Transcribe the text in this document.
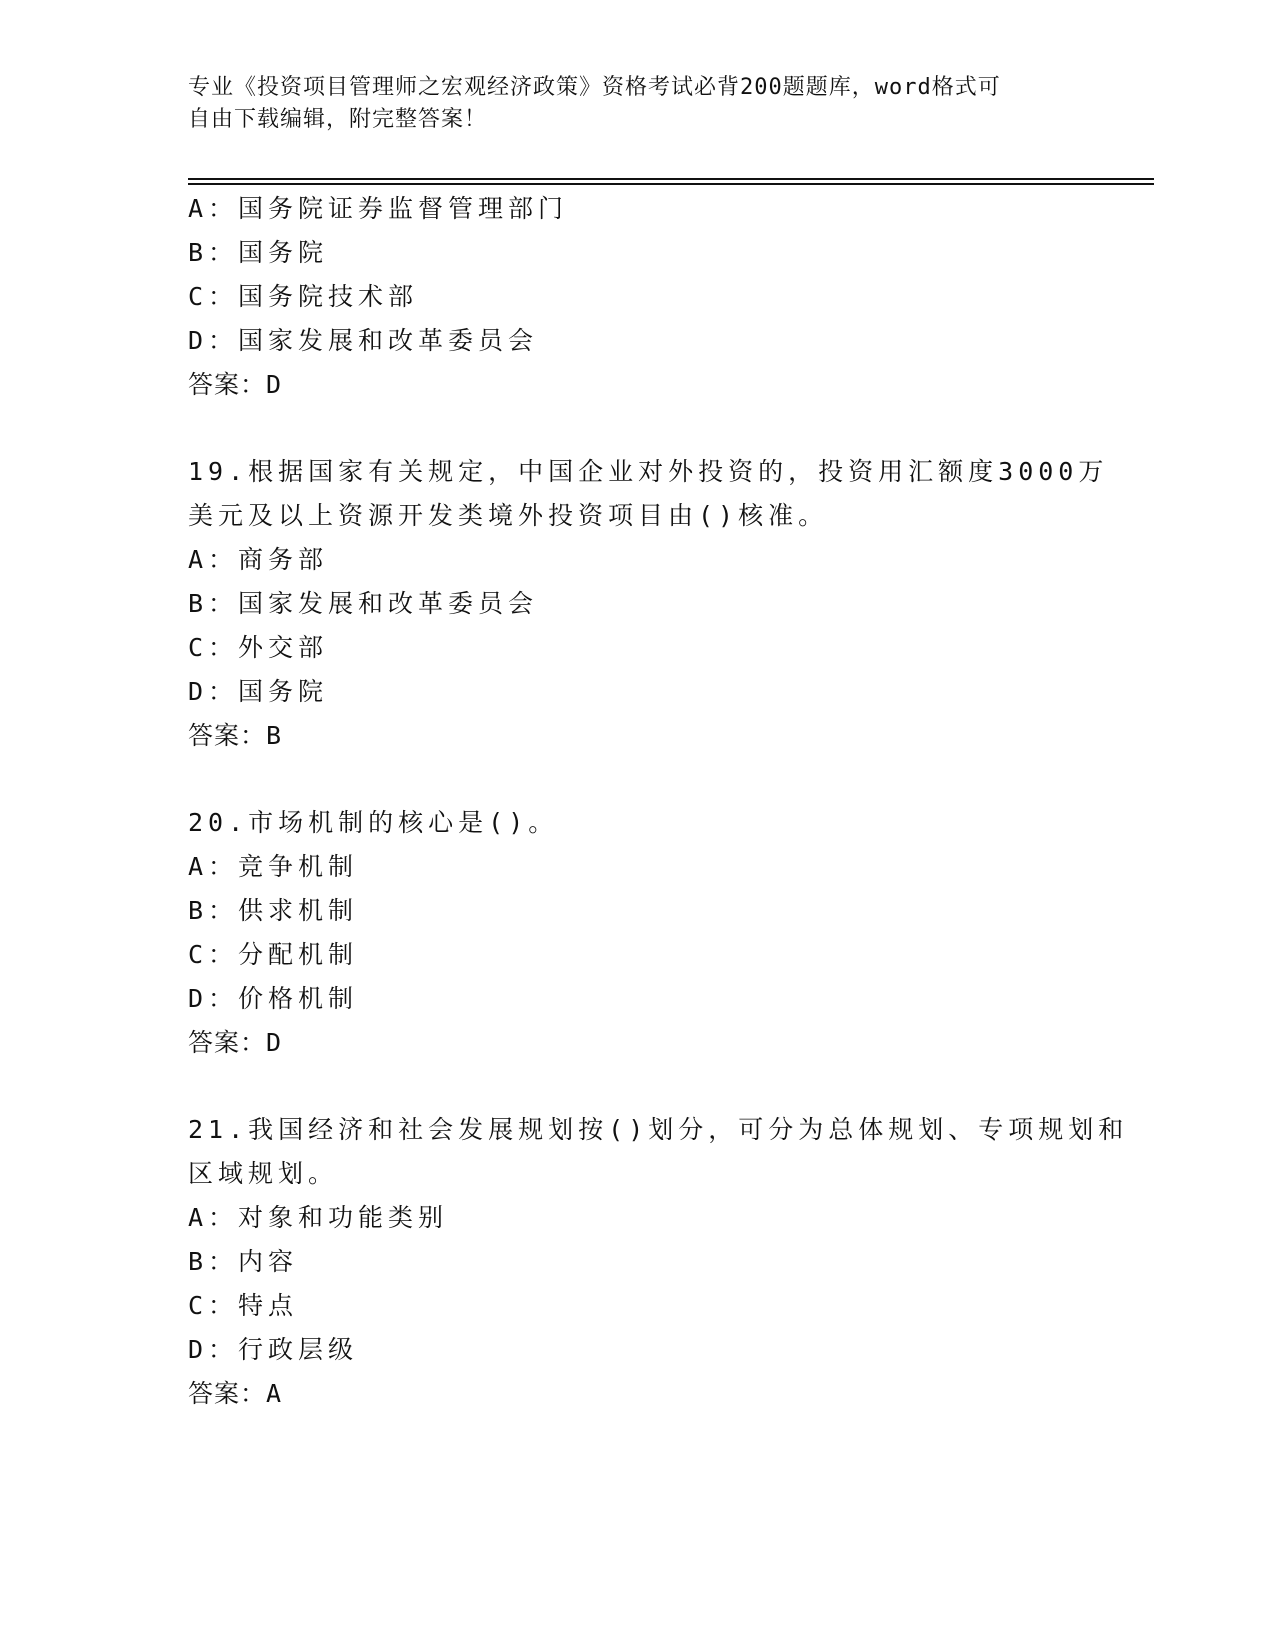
专业《投资项目管理师之宏观经济政策》资格考试必背200题题库，word格式可
自由下载编辑，附完整答案！
A：国务院证券监督管理部门
B：国务院
C：国务院技术部
D：国家发展和改革委员会
答案：D
19.根据国家有关规定，中国企业对外投资的，投资用汇额度3000万
美元及以上资源开发类境外投资项目由()核准。
A：商务部
B：国家发展和改革委员会
C：外交部
D：国务院
答案：B
20.市场机制的核心是()。
A：竞争机制
B：供求机制
C：分配机制
D：价格机制
答案：D
21.我国经济和社会发展规划按()划分，可分为总体规划、专项规划和
区域规划。
A：对象和功能类别
B：内容
C：特点
D：行政层级
答案：A
